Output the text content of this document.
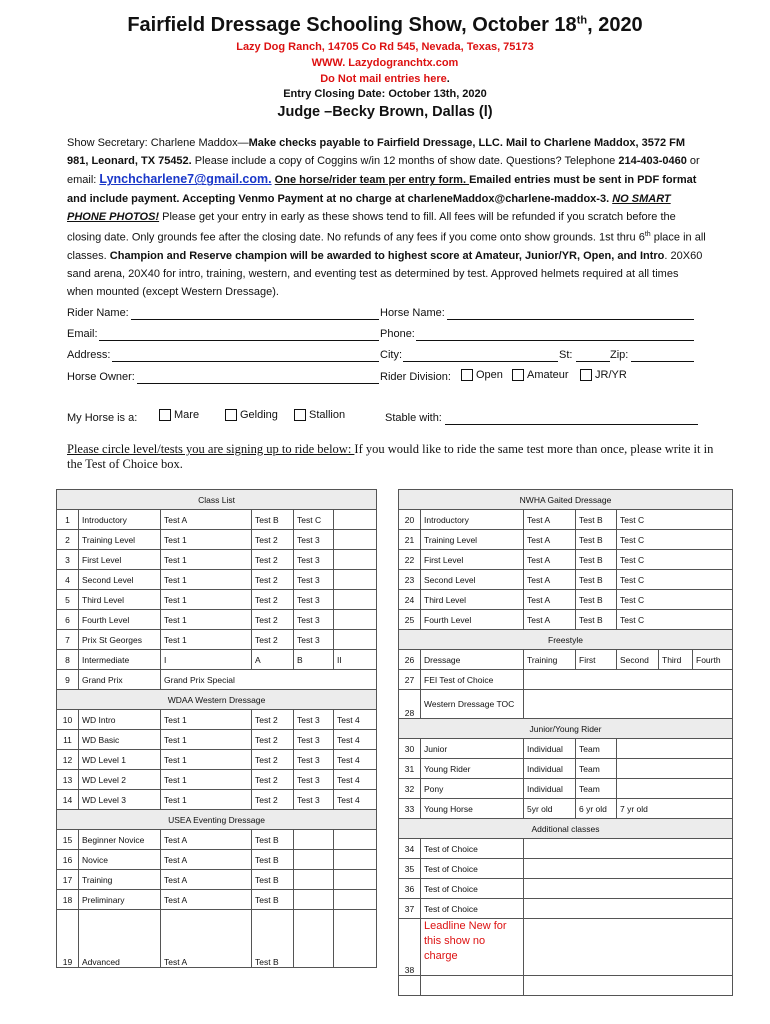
Fairfield Dressage Schooling Show, October 18th, 2020
Lazy Dog Ranch, 14705 Co Rd 545, Nevada, Texas, 75173
WWW. Lazydogranchtx.com
Do Not mail entries here.
Entry Closing Date: October 13th, 2020
Judge –Becky Brown, Dallas (l)
Show Secretary: Charlene Maddox—Make checks payable to Fairfield Dressage, LLC. Mail to Charlene Maddox, 3572 FM 981, Leonard, TX 75452. Please include a copy of Coggins w/in 12 months of show date. Questions? Telephone 214-403-0460 or email: Lynchcharlene7@gmail.com. One horse/rider team per entry form. Emailed entries must be sent in PDF format and include payment. Accepting Venmo Payment at no charge at charleneMaddox@charlene-maddox-3. NO SMART PHONE PHOTOS! Please get your entry in early as these shows tend to fill. All fees will be refunded if you scratch before the closing date. Only grounds fee after the closing date. No refunds of any fees if you come onto show grounds. 1st thru 6th place in all classes. Champion and Reserve champion will be awarded to highest score at Amateur, Junior/YR, Open, and Intro. 20X60 sand arena, 20X40 for intro, training, western, and eventing test as determined by test. Approved helmets required at all times when mounted (except Western Dressage).
Rider Name:	Horse Name:
Email:	Phone:
Address:	City:	St:	Zip:
Horse Owner:	Rider Division:	Open	Amateur	JR/YR
My Horse is a:	Mare	Gelding	Stallion	Stable with:
Please circle level/tests you are signing up to ride below: If you would like to ride the same test more than once, please write it in the Test of Choice box.
Class List					
1	Introductory	Test A	Test B	Test C	
2	Training Level	Test 1	Test 2	Test 3	
3	First Level	Test 1	Test 2	Test 3	
4	Second Level	Test 1	Test 2	Test 3	
5	Third Level	Test 1	Test 2	Test 3	
6	Fourth Level	Test 1	Test 2	Test 3	
7	Prix St Georges	Test 1	Test 2	Test 3	
8	Intermediate	I	A	B	II
9	Grand Prix	Grand Prix Special			
WDAA Western Dressage					
10	WD Intro	Test 1	Test 2	Test 3	Test 4
11	WD Basic	Test 1	Test 2	Test 3	Test 4
12	WD Level 1	Test 1	Test 2	Test 3	Test 4
13	WD Level 2	Test 1	Test 2	Test 3	Test 4
14	WD Level 3	Test 1	Test 2	Test 3	Test 4
USEA Eventing Dressage					
15	Beginner Novice	Test A	Test B		
16	Novice	Test A	Test B		
17	Training	Test A	Test B		
18	Preliminary	Test A	Test B		
19	Advanced	Test A	Test B		
NWHA Gaited Dressage						
20	Introductory	Test A	Test B	Test C		
21	Training Level	Test A	Test B	Test C		
22	First Level	Test A	Test B	Test C		
23	Second Level	Test A	Test B	Test C		
24	Third Level	Test A	Test B	Test C		
25	Fourth Level	Test A	Test B	Test C		
Freestyle						
26	Dressage	Training	First	Second	Third	Fourth
27	FEI Test of Choice					
28	Western Dressage TOC					
Junior/Young Rider						
30	Junior	Individual	Team			
31	Young Rider	Individual	Team			
32	Pony	Individual	Team			
33	Young Horse	5yr old	6 yr old	7 yr old		
Additional classes						
34	Test of Choice					
35	Test of Choice					
36	Test of Choice					
37	Test of Choice					
38	Leadline New for this show no charge					
